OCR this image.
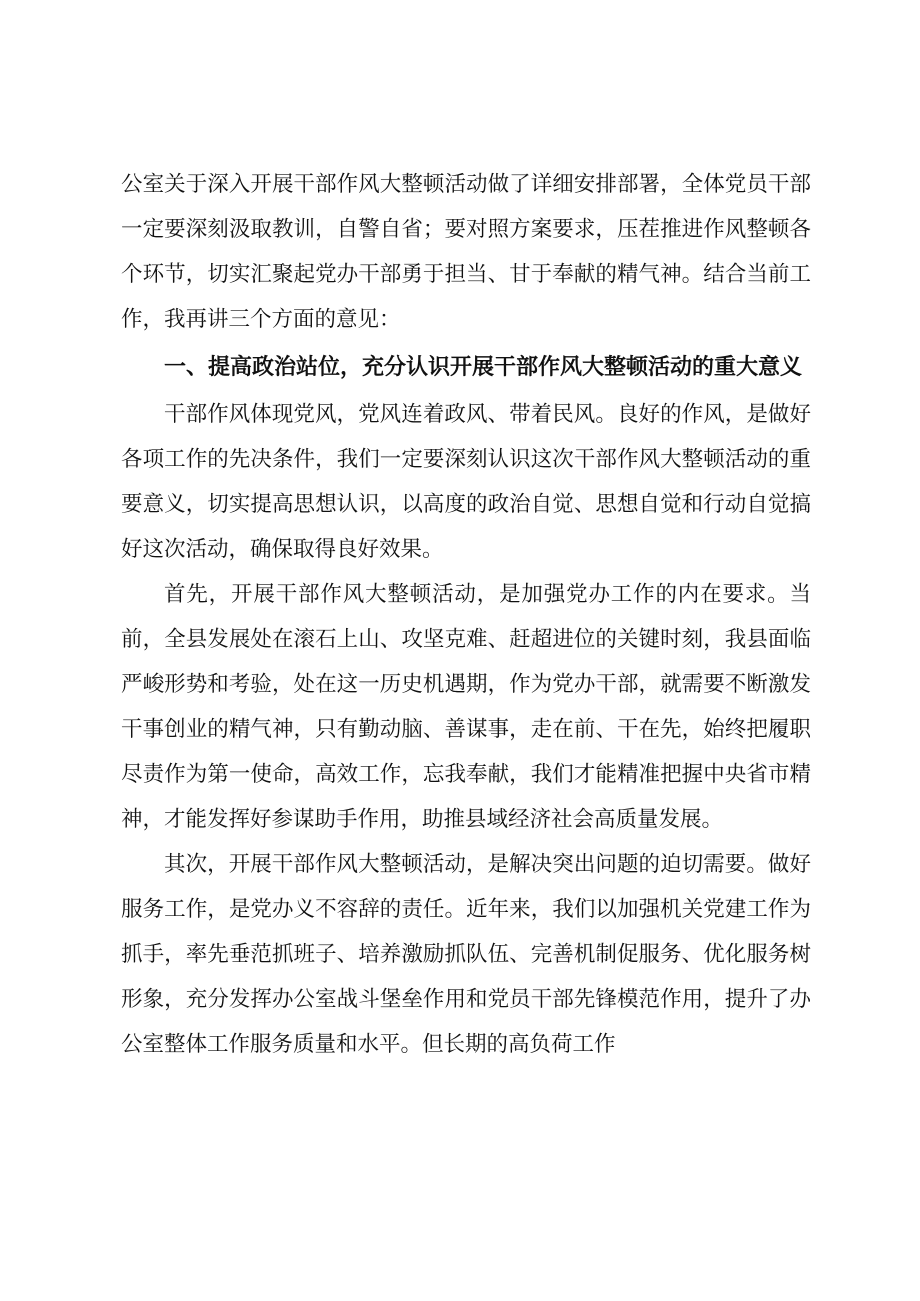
公室关于深入开展干部作风大整顿活动做了详细安排部署，全体党员干部一定要深刻汲取教训，自警自省；要对照方案要求，压茬推进作风整顿各个环节，切实汇聚起党办干部勇于担当、甘于奉献的精气神。结合当前工作，我再讲三个方面的意见：

一、提高政治站位，充分认识开展干部作风大整顿活动的重大意义

干部作风体现党风，党风连着政风、带着民风。良好的作风，是做好各项工作的先决条件，我们一定要深刻认识这次干部作风大整顿活动的重要意义，切实提高思想认识，以高度的政治自觉、思想自觉和行动自觉搞好这次活动，确保取得良好效果。

首先，开展干部作风大整顿活动，是加强党办工作的内在要求。当前，全县发展处在滚石上山、攻坚克难、赶超进位的关键时刻，我县面临严峻形势和考验，处在这一历史机遇期，作为党办干部，就需要不断激发干事创业的精气神，只有勤动脑、善谋事，走在前、干在先，始终把履职尽责作为第一使命，高效工作，忘我奉献，我们才能精准把握中央省市精神，才能发挥好参谋助手作用，助推县域经济社会高质量发展。

其次，开展干部作风大整顿活动，是解决突出问题的迫切需要。做好服务工作，是党办义不容辞的责任。近年来，我们以加强机关党建工作为抓手，率先垂范抓班子、培养激励抓队伍、完善机制促服务、优化服务树形象，充分发挥办公室战斗堡垒作用和党员干部先锋模范作用，提升了办公室整体工作服务质量和水平。但长期的高负荷工作
